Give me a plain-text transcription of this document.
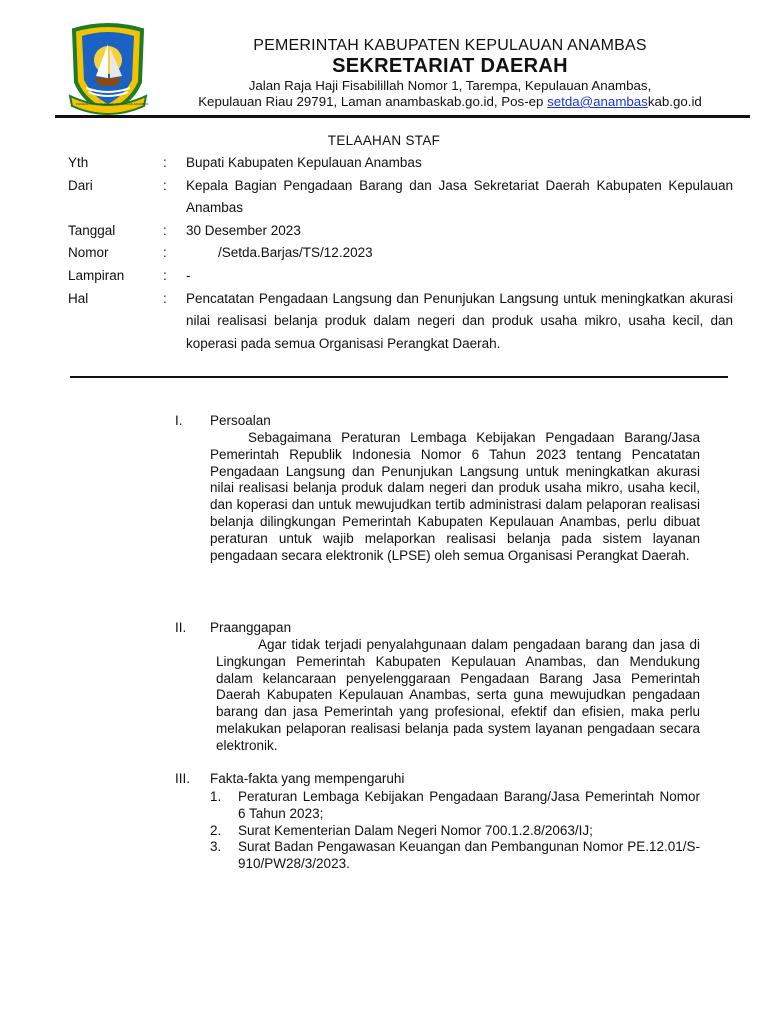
PEMERINTAH KABUPATEN KEPULAUAN ANAMBAS
PEMERINTAH KABUPATEN KEPULAUAN ANAMBAS
SEKRETARIAT DAERAH
Jalan Raja Haji Fisabilillah Nomor 1, Tarempa, Kepulauan Anambas,
Kepulauan Riau 29791, Laman anambaskab.go.id, Pos-ep setda@anambaskab.go.id
TELAAHAN STAF
Yth	:	Bupati Kabupaten Kepulauan Anambas
Dari	:	Kepala Bagian Pengadaan Barang dan Jasa Sekretariat Daerah Kabupaten Kepulauan Anambas
Tanggal	:	30 Desember 2023
Nomor	:	/Setda.Barjas/TS/12.2023
Lampiran	:	-
Hal	:	Pencatatan Pengadaan Langsung dan Penunjukan Langsung untuk meningkatkan akurasi nilai realisasi belanja produk dalam negeri dan produk usaha mikro, usaha kecil, dan koperasi pada semua Organisasi Perangkat Daerah.
I. Persoalan
Sebagaimana Peraturan Lembaga Kebijakan Pengadaan Barang/Jasa Pemerintah Republik Indonesia Nomor 6 Tahun 2023 tentang Pencatatan Pengadaan Langsung dan Penunjukan Langsung untuk meningkatkan akurasi nilai realisasi belanja produk dalam negeri dan produk usaha mikro, usaha kecil, dan koperasi dan untuk mewujudkan tertib administrasi dalam pelaporan realisasi belanja dilingkungan Pemerintah Kabupaten Kepulauan Anambas, perlu dibuat peraturan untuk wajib melaporkan realisasi belanja pada sistem layanan pengadaan secara elektronik (LPSE) oleh semua Organisasi Perangkat Daerah.
II. Praanggapan
Agar tidak terjadi penyalahgunaan dalam pengadaan barang dan jasa di Lingkungan Pemerintah Kabupaten Kepulauan Anambas, dan Mendukung dalam kelancaraan penyelenggaraan Pengadaan Barang Jasa Pemerintah Daerah Kabupaten Kepulauan Anambas, serta guna mewujudkan pengadaan barang dan jasa Pemerintah yang profesional, efektif dan efisien, maka perlu melakukan pelaporan realisasi belanja pada system layanan pengadaan secara elektronik.
III. Fakta-fakta yang mempengaruhi
1.	Peraturan Lembaga Kebijakan Pengadaan Barang/Jasa Pemerintah Nomor 6 Tahun 2023;
2.	Surat Kementerian Dalam Negeri Nomor 700.1.2.8/2063/IJ;
3.	Surat Badan Pengawasan Keuangan dan Pembangunan Nomor PE.12.01/S-910/PW28/3/2023.
